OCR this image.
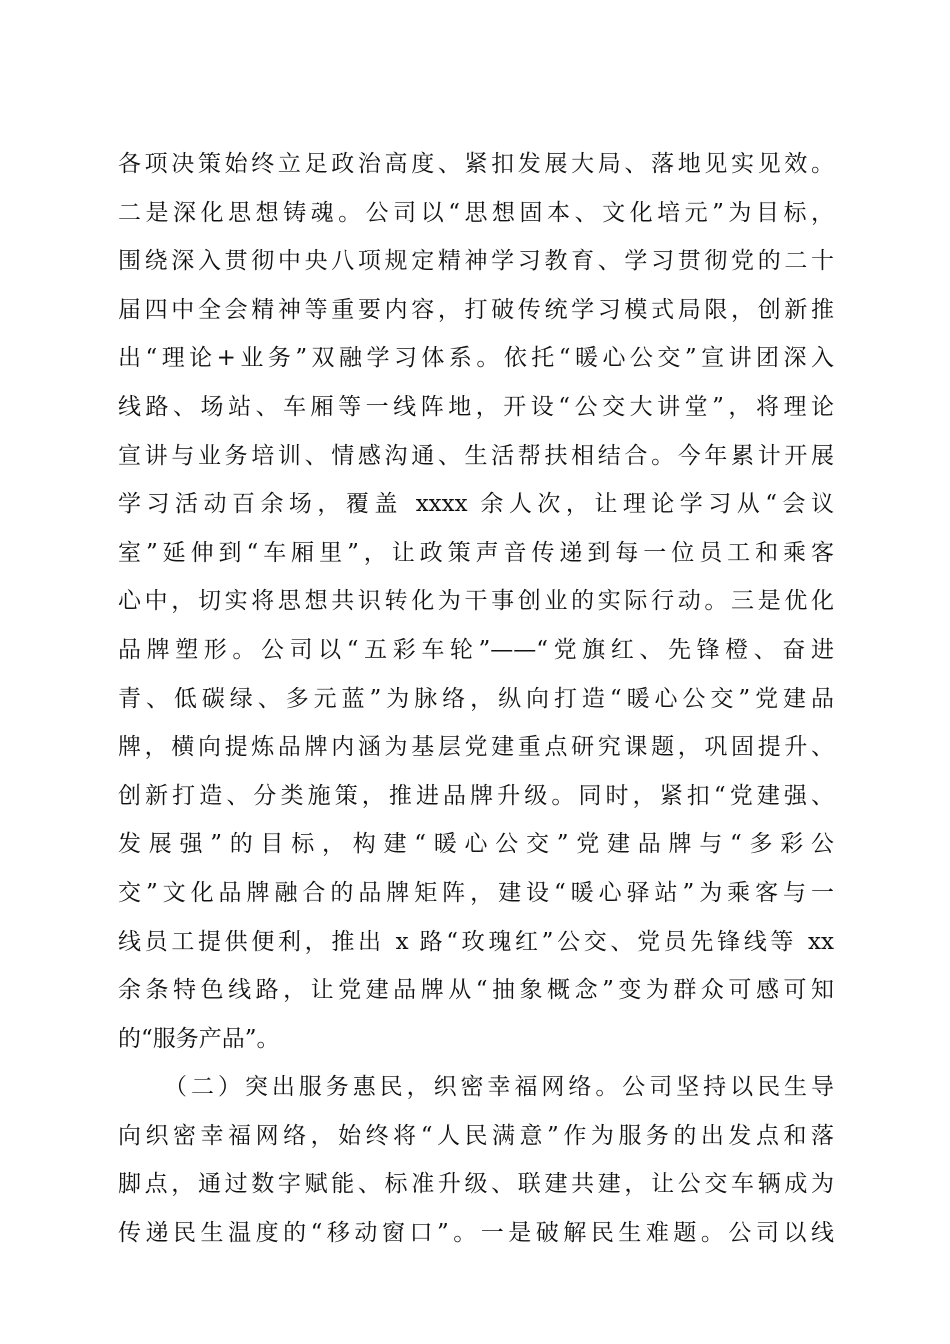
各项决策始终立足政治高度、紧扣发展大局、落地见实见效。
二是深化思想铸魂。公司以“思想固本、文化培元”为目标，
围绕深入贯彻中央八项规定精神学习教育、学习贯彻党的二十
届四中全会精神等重要内容，打破传统学习模式局限，创新推
出“理论+业务”双融学习体系。依托“暖心公交”宣讲团深入
线路、场站、车厢等一线阵地，开设“公交大讲堂”，将理论
宣讲与业务培训、情感沟通、生活帮扶相结合。今年累计开展
学习活动百余场，覆盖 xxxx 余人次，让理论学习从“会议
室”延伸到“车厢里”，让政策声音传递到每一位员工和乘客
心中，切实将思想共识转化为干事创业的实际行动。三是优化
品牌塑形。公司以“五彩车轮”——“党旗红、先锋橙、奋进
青、低碳绿、多元蓝”为脉络，纵向打造“暖心公交”党建品
牌，横向提炼品牌内涵为基层党建重点研究课题，巩固提升、
创新打造、分类施策，推进品牌升级。同时，紧扣“党建强、
发展强”的目标，构建“暖心公交”党建品牌与“多彩公
交”文化品牌融合的品牌矩阵，建设“暖心驿站”为乘客与一
线员工提供便利，推出 x 路“玫瑰红”公交、党员先锋线等 xx
余条特色线路，让党建品牌从“抽象概念”变为群众可感可知
的“服务产品”。
（二）突出服务惠民，织密幸福网络。公司坚持以民生导
向织密幸福网络，始终将“人民满意”作为服务的出发点和落
脚点，通过数字赋能、标准升级、联建共建，让公交车辆成为
传递民生温度的“移动窗口”。一是破解民生难题。公司以线
